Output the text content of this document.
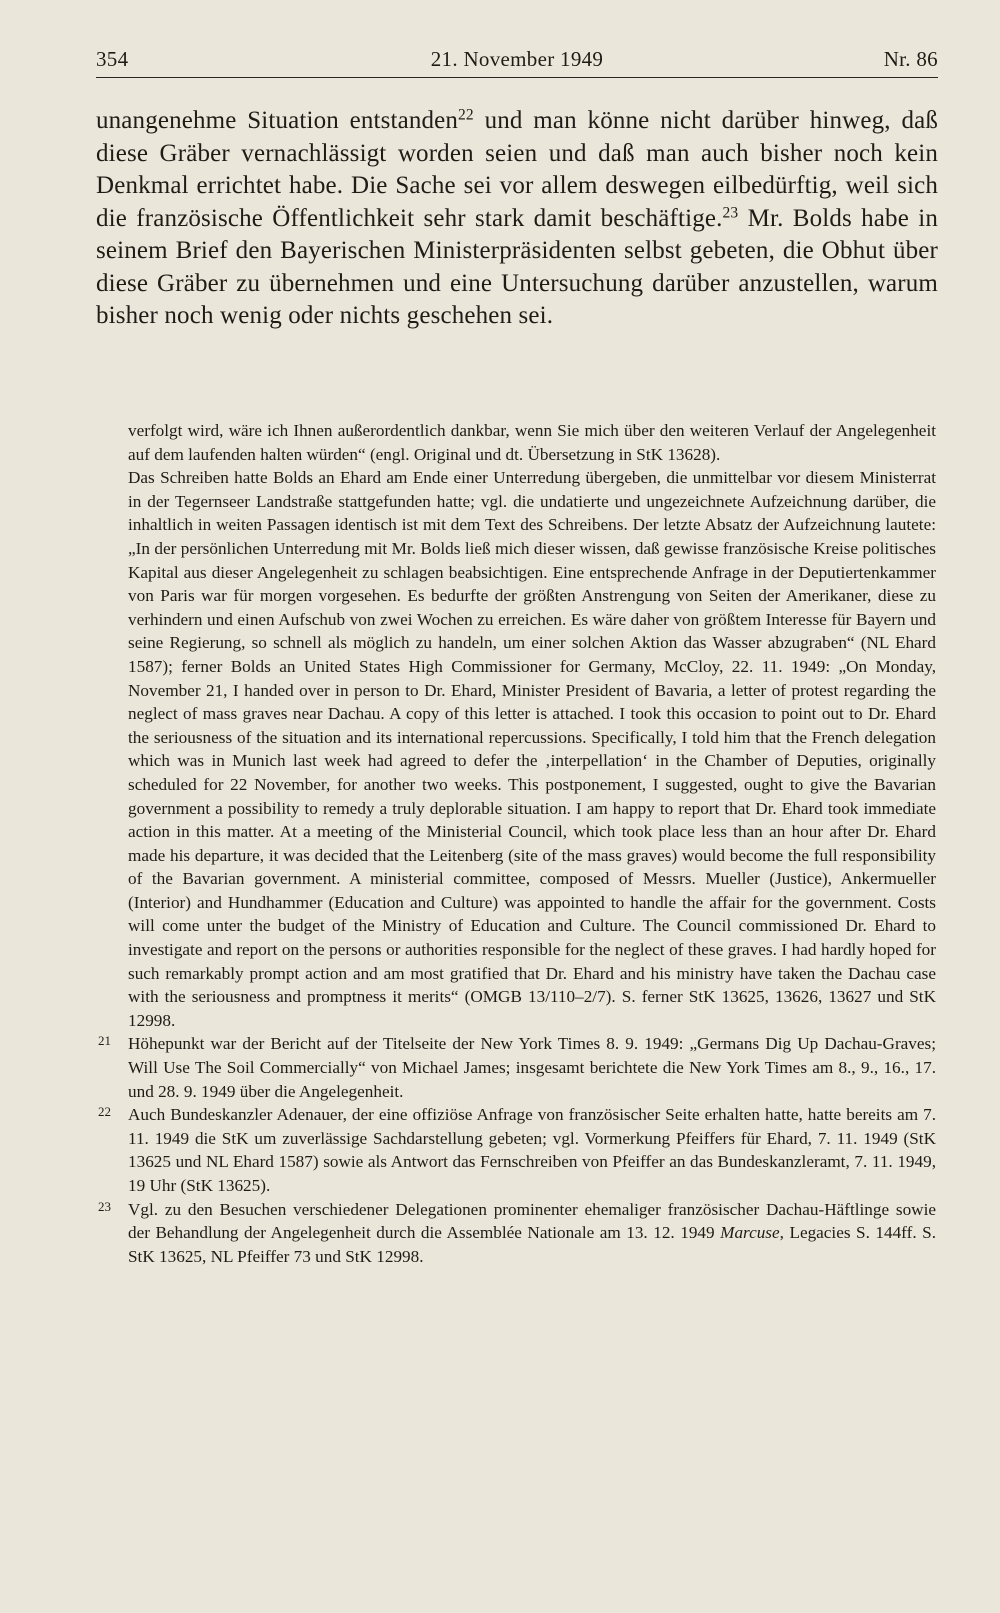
354	21. November 1949	Nr. 86

unangenehme Situation entstanden$^{22}$ und man könne nicht darüber hinweg, daß diese Gräber vernachlässigt worden seien und daß man auch bisher noch kein Denkmal errichtet habe. Die Sache sei vor allem deswegen eilbedürftig, weil sich die französische Öffentlichkeit sehr stark damit beschäftige.$^{23}$ Mr. Bolds habe in seinem Brief den Bayerischen Ministerpräsidenten selbst gebeten, die Obhut über diese Gräber zu übernehmen und eine Untersuchung darüber anzustellen, warum bisher noch wenig oder nichts geschehen sei.

verfolgt wird, wäre ich Ihnen außerordentlich dankbar, wenn Sie mich über den weiteren Verlauf der Angelegenheit auf dem laufenden halten würden“ (engl. Original und dt. Übersetzung in StK 13628).

Das Schreiben hatte Bolds an Ehard am Ende einer Unterredung übergeben, die unmittelbar vor diesem Ministerrat in der Tegernseer Landstraße stattgefunden hatte; vgl. die undatierte und ungezeichnete Aufzeichnung darüber, die inhaltlich in weiten Passagen identisch ist mit dem Text des Schreibens. Der letzte Absatz der Aufzeichnung lautete: „In der persönlichen Unterredung mit Mr. Bolds ließ mich dieser wissen, daß gewisse französische Kreise politisches Kapital aus dieser Angelegenheit zu schlagen beabsichtigen. Eine entsprechende Anfrage in der Deputiertenkammer von Paris war für morgen vorgesehen. Es bedurfte der größten Anstrengung von Seiten der Amerikaner, diese zu verhindern und einen Aufschub von zwei Wochen zu erreichen. Es wäre daher von größtem Interesse für Bayern und seine Regierung, so schnell als möglich zu handeln, um einer solchen Aktion das Wasser abzugraben“ (NL Ehard 1587); ferner Bolds an United States High Commissioner for Germany, McCloy, 22. 11. 1949: „On Monday, November 21, I handed over in person to Dr. Ehard, Minister President of Bavaria, a letter of protest regarding the neglect of mass graves near Dachau. A copy of this letter is attached. I took this occasion to point out to Dr. Ehard the seriousness of the situation and its international repercussions. Specifically, I told him that the French delegation which was in Munich last week had agreed to defer the ‚interpellation‘ in the Chamber of Deputies, originally scheduled for 22 November, for another two weeks. This postponement, I suggested, ought to give the Bavarian government a possibility to remedy a truly deplorable situation. I am happy to report that Dr. Ehard took immediate action in this matter. At a meeting of the Ministerial Council, which took place less than an hour after Dr. Ehard made his departure, it was decided that the Leitenberg (site of the mass graves) would become the full responsibility of the Bavarian government. A ministerial committee, composed of Messrs. Mueller (Justice), Ankermueller (Interior) and Hundhammer (Education and Culture) was appointed to handle the affair for the government. Costs will come unter the budget of the Ministry of Education and Culture. The Council commissioned Dr. Ehard to investigate and report on the persons or authorities responsible for the neglect of these graves. I had hardly hoped for such remarkably prompt action and am most gratified that Dr. Ehard and his ministry have taken the Dachau case with the seriousness and promptness it merits“ (OMGB 13/110–2/7). S. ferner StK 13625, 13626, 13627 und StK 12998.

21 Höhepunkt war der Bericht auf der Titelseite der New York Times 8. 9. 1949: „Germans Dig Up Dachau-Graves; Will Use The Soil Commercially“ von Michael James; insgesamt berichtete die New York Times am 8., 9., 16., 17. und 28. 9. 1949 über die Angelegenheit.

22 Auch Bundeskanzler Adenauer, der eine offiziöse Anfrage von französischer Seite erhalten hatte, hatte bereits am 7. 11. 1949 die StK um zuverlässige Sachdarstellung gebeten; vgl. Vormerkung Pfeiffers für Ehard, 7. 11. 1949 (StK 13625 und NL Ehard 1587) sowie als Antwort das Fernschreiben von Pfeiffer an das Bundeskanzleramt, 7. 11. 1949, 19 Uhr (StK 13625).

23 Vgl. zu den Besuchen verschiedener Delegationen prominenter ehemaliger französischer Dachau-Häftlinge sowie der Behandlung der Angelegenheit durch die Assemblée Nationale am 13. 12. 1949 Marcuse, Legacies S. 144ff. S. StK 13625, NL Pfeiffer 73 und StK 12998.
